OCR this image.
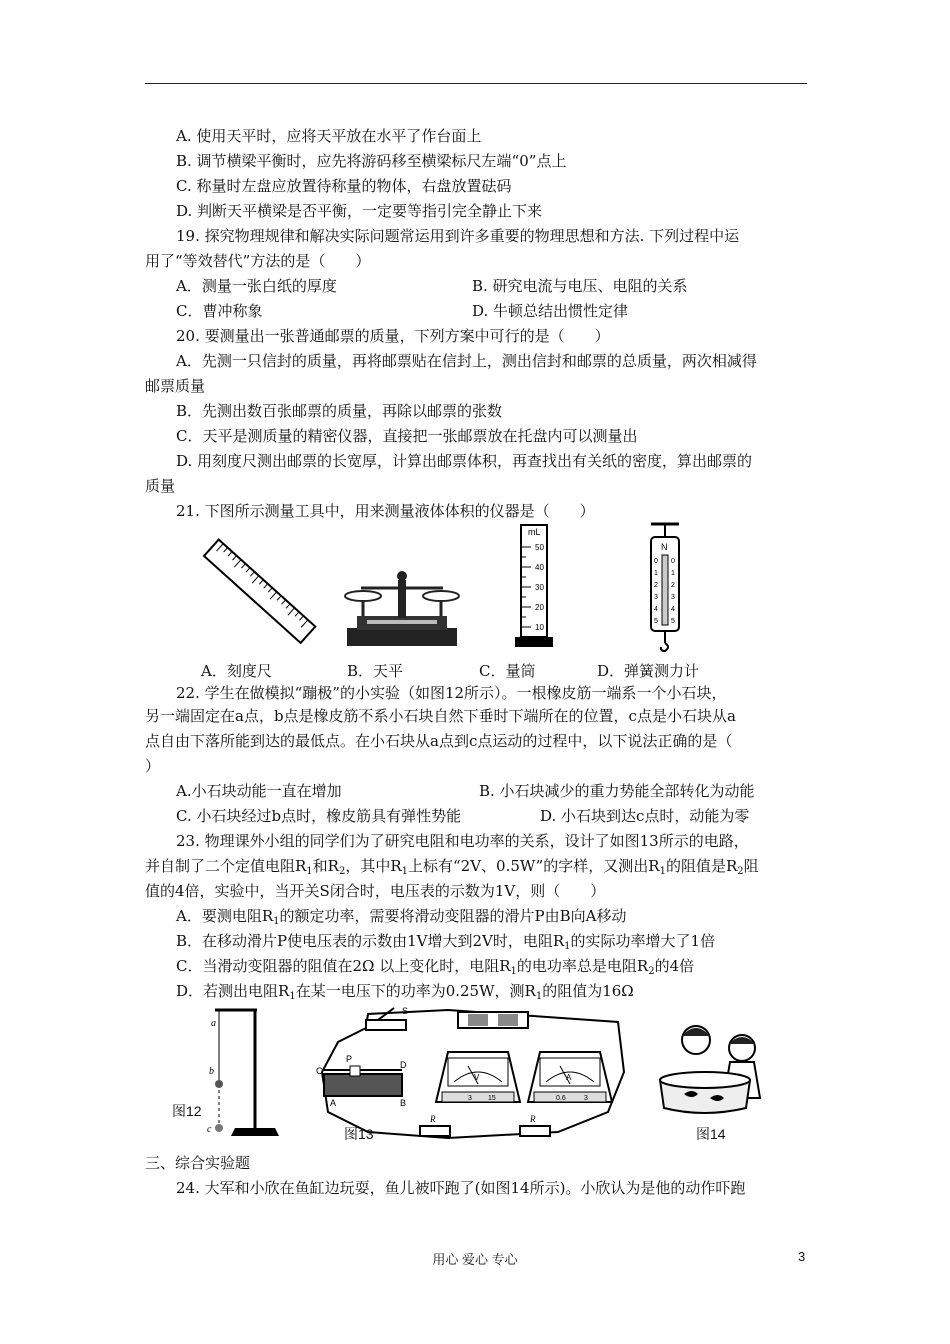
A. 使用天平时，应将天平放在水平了作台面上
B. 调节横梁平衡时，应先将游码移至横梁标尺左端“0”点上
C. 称量时左盘应放置待称量的物体，右盘放置砝码
D. 判断天平横梁是否平衡，一定要等指引完全静止下来
19. 探究物理规律和解决实际问题常运用到许多重要的物理思想和方法. 下列过程中运
用了“等效替代”方法的是（　　）
A．测量一张白纸的厚度	B. 研究电流与电压、电阻的关系
C．曹冲称象	D. 牛顿总结出惯性定律
20. 要测量出一张普通邮票的质量，下列方案中可行的是（　　）
A．先测一只信封的质量，再将邮票贴在信封上，测出信封和邮票的总质量，两次相减得
邮票质量
B．先测出数百张邮票的质量，再除以邮票的张数
C．天平是测质量的精密仪器，直接把一张邮票放在托盘内可以测量出
D. 用刻度尺测出邮票的长宽厚，计算出邮票体积，再查找出有关纸的密度，算出邮票的
质量
21. 下图所示测量工具中，用来测量液体体积的仪器是（　　）
mL
50
40
30
20
10
N
0
1
2
3
4
5
0
1
2
3
4
5
A．刻度尺	B．天平	C．量筒	D．弹簧测力计
22. 学生在做模拟“蹦极”的小实验（如图12所示）。一根橡皮筋一端系一个小石块，
另一端固定在a点，b点是橡皮筋不系小石块自然下垂时下端所在的位置，c点是小石块从a
点自由下落所能到达的最低点。在小石块从a点到c点运动的过程中，以下说法正确的是（
）
A.小石块动能一直在增加	B. 小石块减少的重力势能全部转化为动能
C. 小石块经过b点时，橡皮筋具有弹性势能	D. 小石块到达c点时，动能为零
23. 物理课外小组的同学们为了研究电阻和电功率的关系，设计了如图13所示的电路，
并自制了二个定值电阻$R_1$和$R_2$，其中$R_1$上标有“2V、0.5W”的字样，又测出$R_1$的阻值是$R_2$阻
值的4倍，实验中，当开关S闭合时，电压表的示数为1V，则（　　）
A．要测电阻$R_1$的额定功率，需要将滑动变阻器的滑片P由B向A移动
B．在移动滑片P使电压表的示数由1V增大到2V时，电阻$R_1$的实际功率增大了1倍
C．当滑动变阻器的阻值在2Ω 以上变化时，电阻$R_1$的电功率总是电阻$R_2$的4倍
D．若测出电阻$R_1$在某一电压下的功率为0.25W，测$R_1$的阻值为16Ω
a
b
c
图12
S
P
C
D
A	B
V
3 15
A
0.6	3
R	R
图13	图14
三、综合实验题
24. 大军和小欣在鱼缸边玩耍，鱼儿被吓跑了(如图14所示)。小欣认为是他的动作吓跑
用心 爱心 专心	3
